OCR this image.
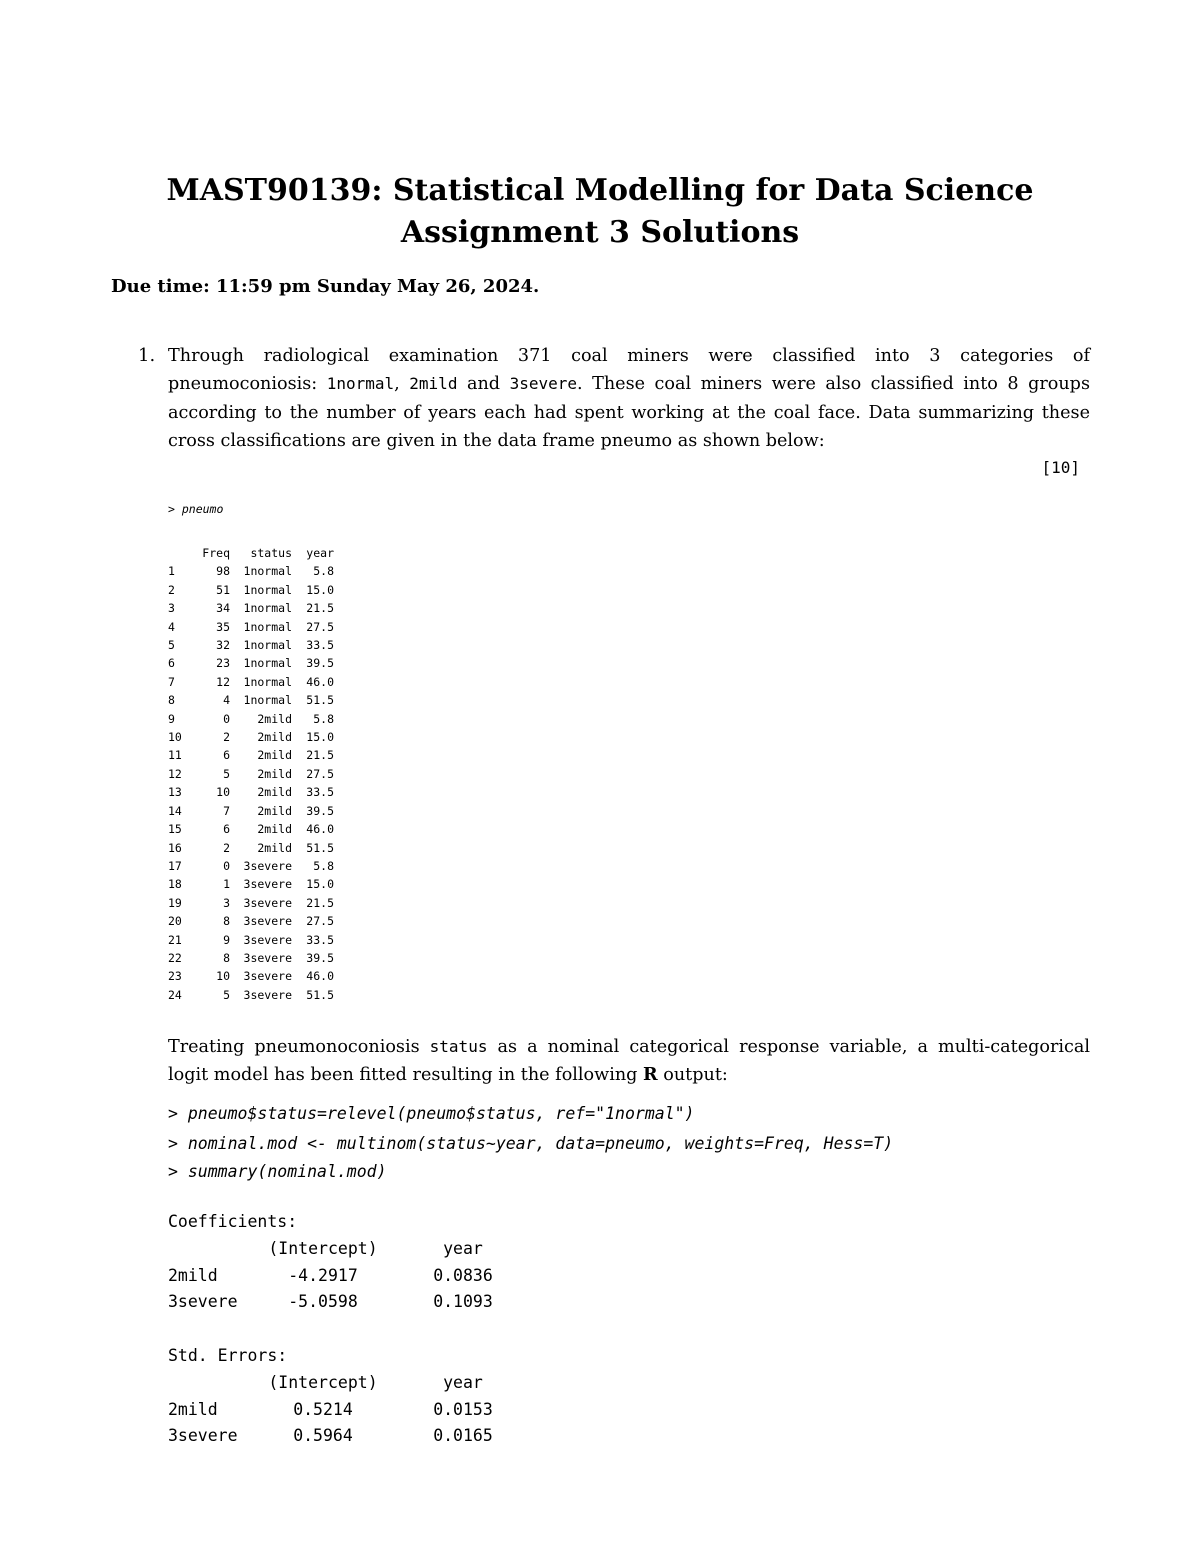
MAST90139: Statistical Modelling for Data Science Assignment 3 Solutions
Due time: 11:59 pm Sunday May 26, 2024.
1. Through radiological examination 371 coal miners were classified into 3 categories of pneumoconiosis: 1normal, 2mild and 3severe. These coal miners were also classified into 8 groups according to the number of years each had spent working at the coal face. Data summarizing these cross classifications are given in the data frame pneumo as shown below:
[10]
> pneumo
	Freq	status	year
1	98	1normal	5.8
2	51	1normal	15.0
3	34	1normal	21.5
4	35	1normal	27.5
5	32	1normal	33.5
6	23	1normal	39.5
7	12	1normal	46.0
8	4	1normal	51.5
9	0	2mild	5.8
10	2	2mild	15.0
11	6	2mild	21.5
12	5	2mild	27.5
13	10	2mild	33.5
14	7	2mild	39.5
15	6	2mild	46.0
16	2	2mild	51.5
17	0	3severe	5.8
18	1	3severe	15.0
19	3	3severe	21.5
20	8	3severe	27.5
21	9	3severe	33.5
22	8	3severe	39.5
23	10	3severe	46.0
24	5	3severe	51.5
Treating pneumonoconiosis status as a nominal categorical response variable, a multi-categorical logit model has been fitted resulting in the following R output:
> pneumo$status=relevel(pneumo$status, ref="1normal")
> nominal.mod <- multinom(status~year, data=pneumo, weights=Freq, Hess=T)
> summary(nominal.mod)
Coefficients:
	(Intercept)	year
2mild	-4.2917	0.0836
3severe	-5.0598	0.1093
Std. Errors:
	(Intercept)	year
2mild	0.5214	0.0153
3severe	0.5964	0.0165
